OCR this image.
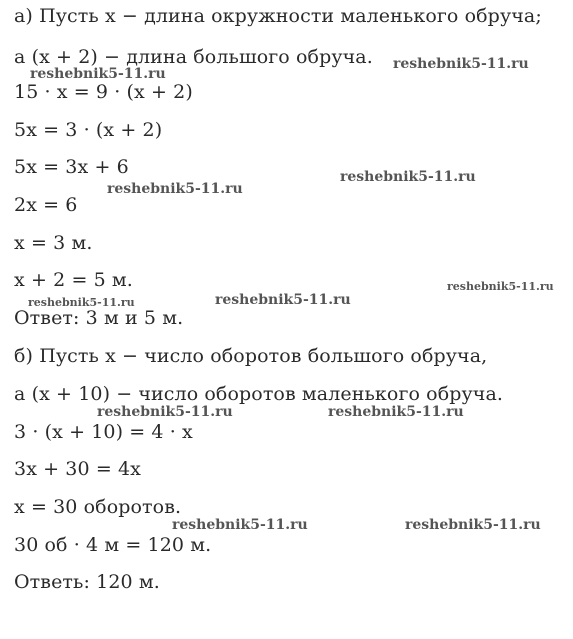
а) Пусть x − длина окружности маленького обруча;
а (x + 2) − длина большого обруча.
15 · x = 9 · (x + 2)
5x = 3 · (x + 2)
5x = 3x + 6
2x = 6
x = 3 м.
x + 2 = 5 м.
Ответ: 3 м и 5 м.
б) Пусть x − число оборотов большого обруча,
а (x + 10) − число оборотов маленького обруча.
3 · (x + 10) = 4 · x
3x + 30 = 4x
x = 30 оборотов.
30 об · 4 м = 120 м.
Ответь: 120 м.
reshebnik5-11.ru
reshebnik5-11.ru
reshebnik5-11.ru
reshebnik5-11.ru
reshebnik5-11.ru
reshebnik5-11.ru
reshebnik5-11.ru
reshebnik5-11.ru	reshebnik5-11.ru
reshebnik5-11.ru	reshebnik5-11.ru
